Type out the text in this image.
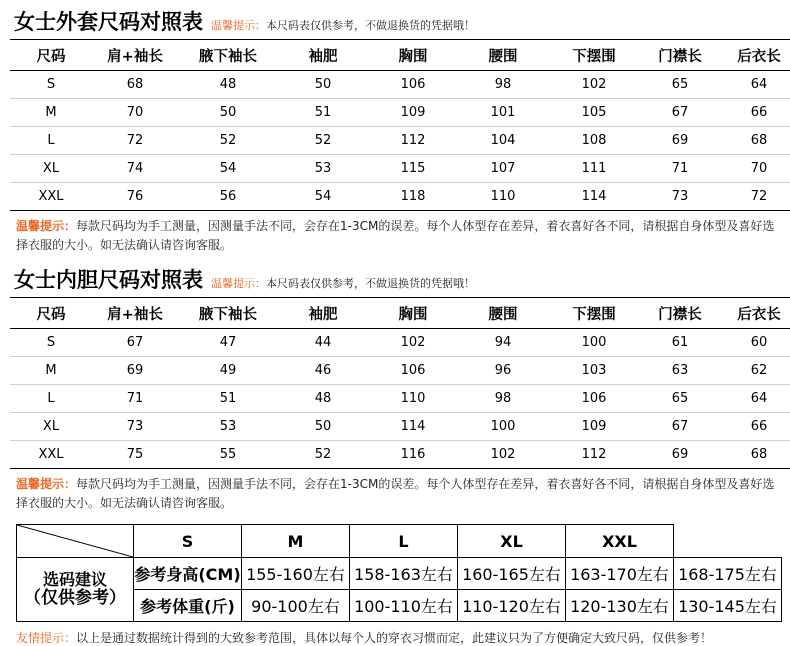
女士外套尺码对照表 温馨提示：本尺码表仅供参考，不做退换货的凭据哦！
尺码	肩+袖长	腋下袖长	袖肥	胸围	腰围	下摆围	门襟长	后衣长
S	68	48	50	106	98	102	65	64
M	70	50	51	109	101	105	67	66
L	72	52	52	112	104	108	69	68
XL	74	54	53	115	107	111	71	70
XXL	76	56	54	118	110	114	73	72
温馨提示：每款尺码均为手工测量，因测量手法不同，会存在1-3CM的误差。每个人体型存在差异，着衣喜好各不同，请根据自身体型及喜好选择衣服的大小。如无法确认请咨询客服。
女士内胆尺码对照表 温馨提示：本尺码表仅供参考，不做退换货的凭据哦！
尺码	肩+袖长	腋下袖长	袖肥	胸围	腰围	下摆围	门襟长	后衣长
S	67	47	44	102	94	100	61	60
M	69	49	46	106	96	103	63	62
L	71	51	48	110	98	106	65	64
XL	73	53	50	114	100	109	67	66
XXL	75	55	52	116	102	112	69	68
温馨提示：每款尺码均为手工测量，因测量手法不同，会存在1-3CM的误差。每个人体型存在差异，着衣喜好各不同，请根据自身体型及喜好选择衣服的大小。如无法确认请咨询客服。
	S	M	L	XL	XXL	

选码建议
（仅供参考）	参考身高(CM)	155-160左右	158-163左右	160-165左右	163-170左右	168-175左右
	参考体重(斤)	90-100左右	100-110左右	110-120左右	120-130左右	130-145左右
友情提示：以上是通过数据统计得到的大致参考范围，具体以每个人的穿衣习惯而定，此建议只为了方便确定大致尺码，仅供参考！
